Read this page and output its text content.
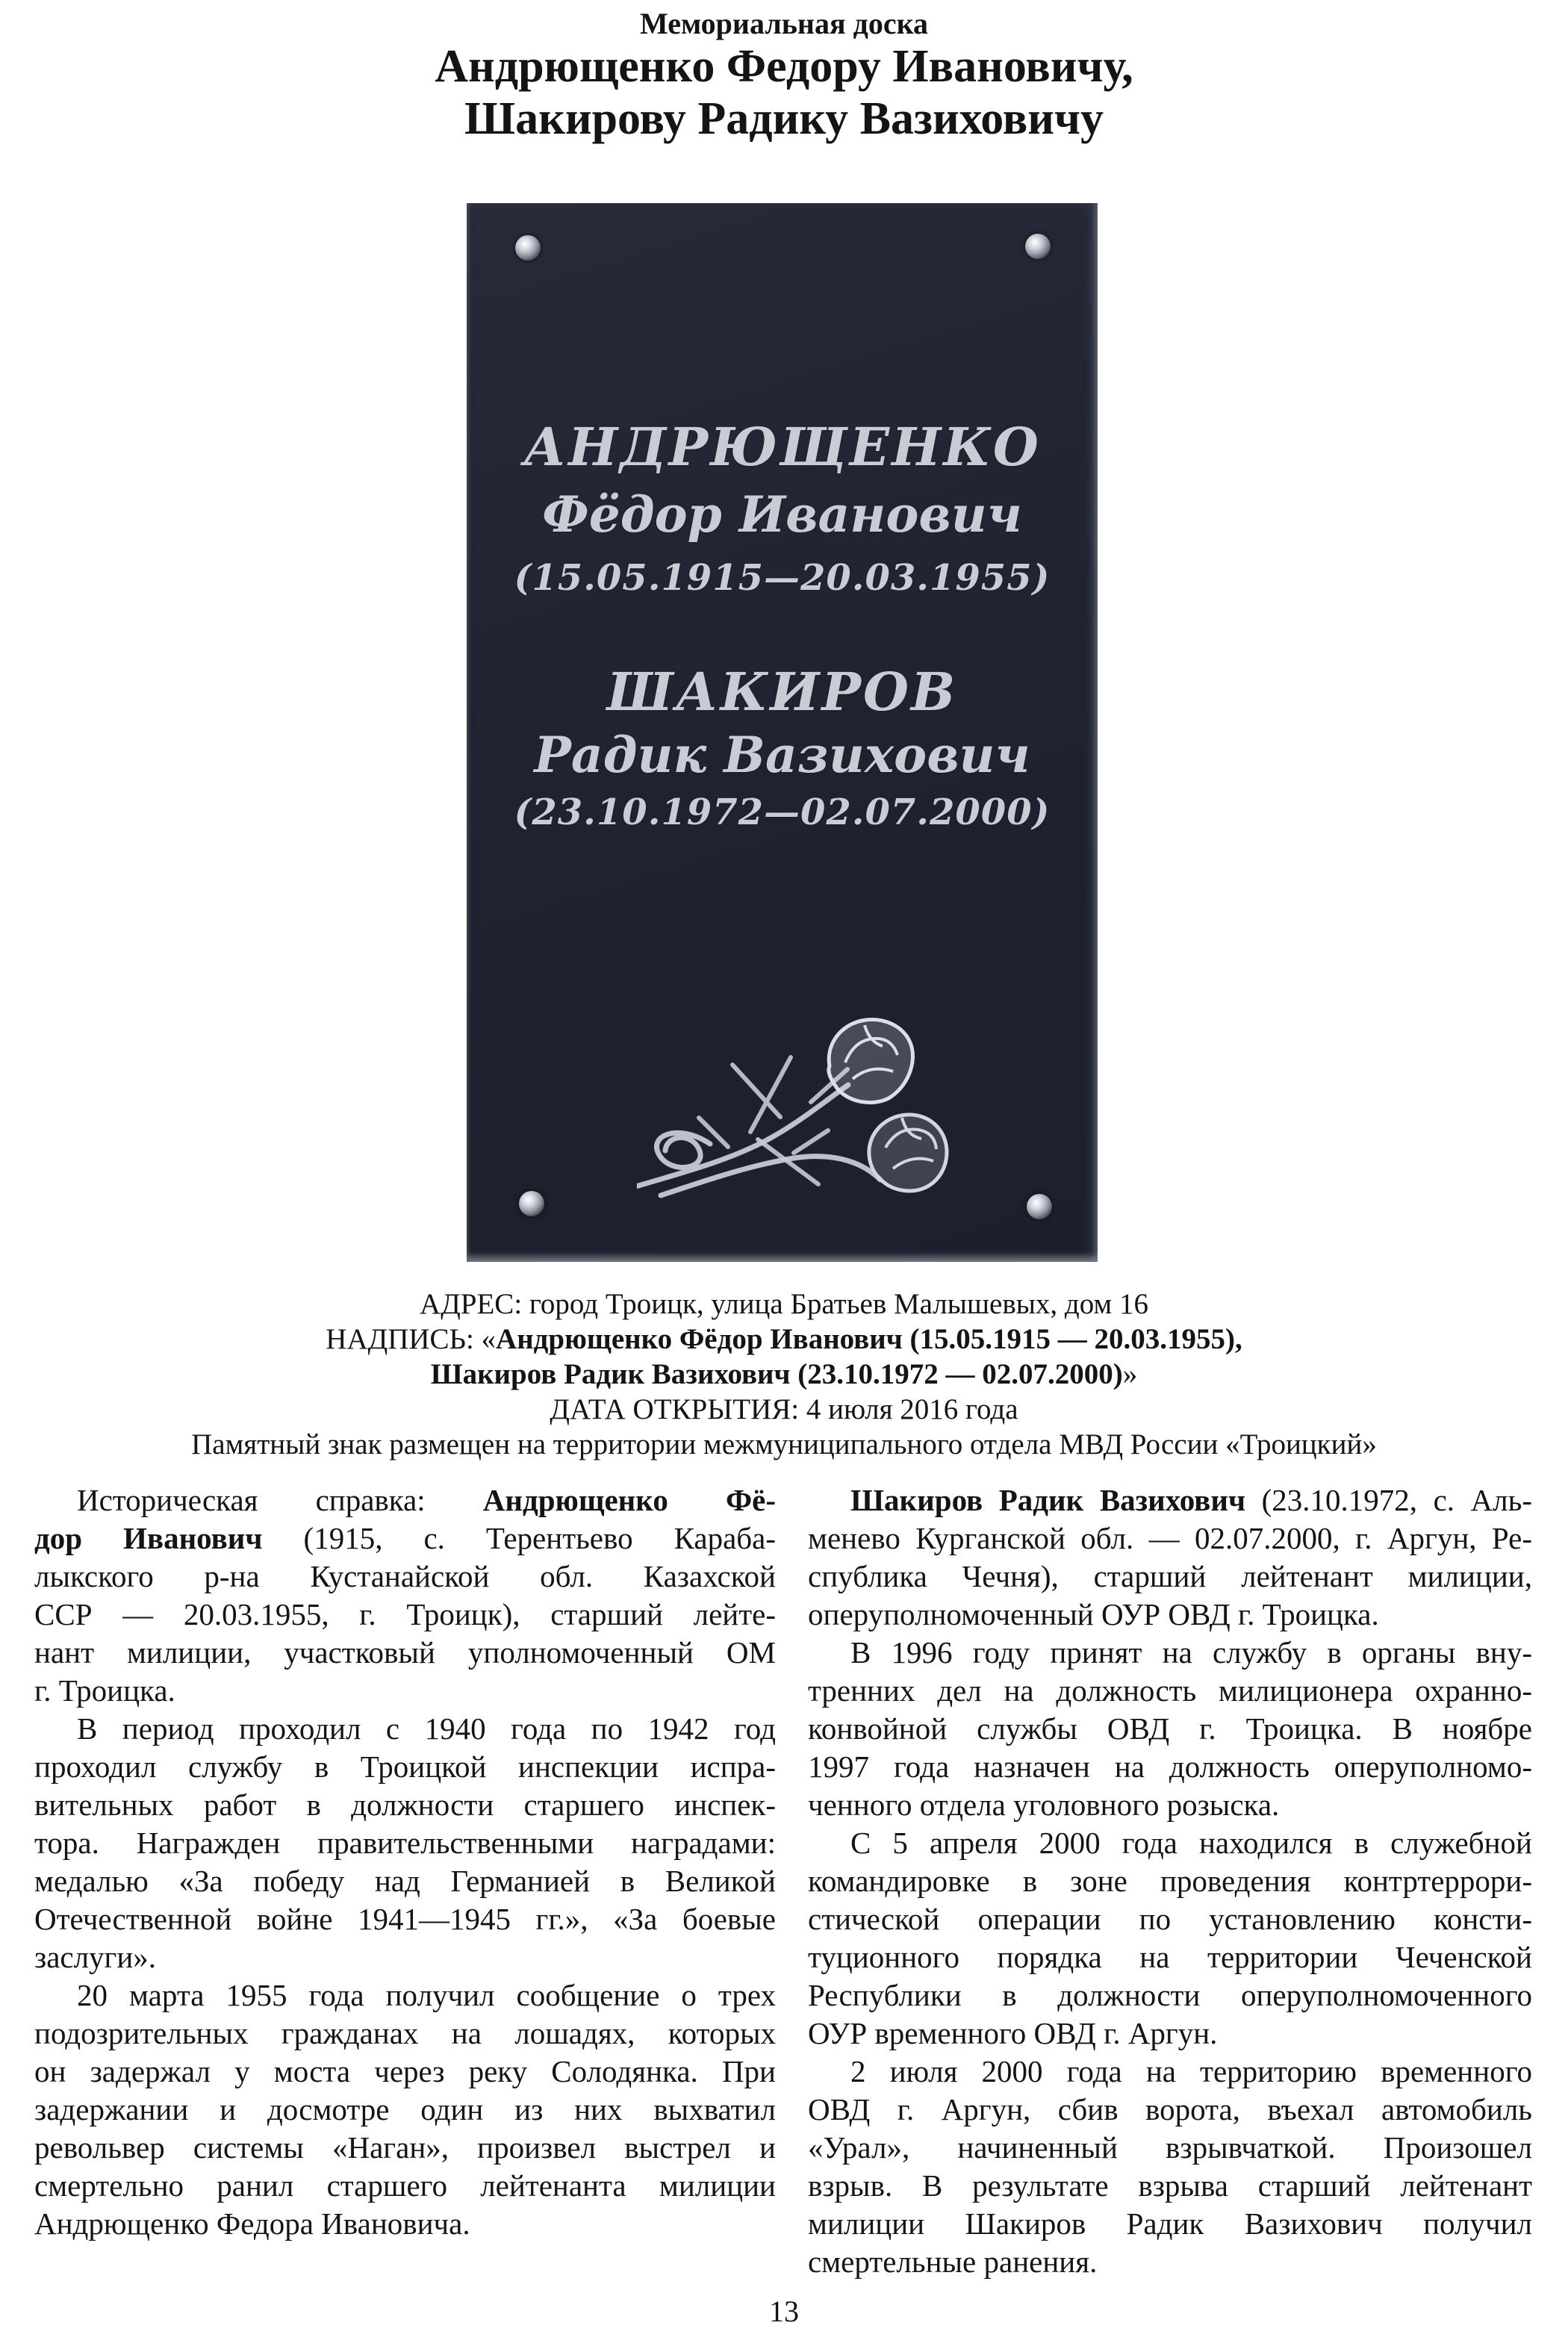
Мемориальная доска
Андрющенко Федору Ивановичу,
Шакирову Радику Вазиховичу
АНДРЮЩЕНКО
Фёдор Иванович
(15.05.1915—20.03.1955)
ШАКИРОВ
Радик Вазихович
(23.10.1972—02.07.2000)
АДРЕС: город Троицк, улица Братьев Малышевых, дом 16
НАДПИСЬ: «Андрющенко Фёдор Иванович (15.05.1915 — 20.03.1955),
Шакиров Радик Вазихович (23.10.1972 — 02.07.2000)»
ДАТА ОТКРЫТИЯ: 4 июля 2016 года
Памятный знак размещен на территории межмуниципального отдела МВД России «Троицкий»
Историческая справка: Андрющенко Фё-
дор Иванович (1915, с. Терентьево Караба-
лыкского р-на Кустанайской обл. Казахской
ССР — 20.03.1955, г. Троицк), старший лейте-
нант милиции, участковый уполномоченный ОМ
г. Троицка.
В период проходил с 1940 года по 1942 год
проходил службу в Троицкой инспекции испра-
вительных работ в должности старшего инспек-
тора. Награжден правительственными наградами:
медалью «За победу над Германией в Великой
Отечественной войне 1941—1945 гг.», «За боевые
заслуги».
20 марта 1955 года получил сообщение о трех
подозрительных гражданах на лошадях, которых
он задержал у моста через реку Солодянка. При
задержании и досмотре один из них выхватил
револьвер системы «Наган», произвел выстрел и
смертельно ранил старшего лейтенанта милиции
Андрющенко Федора Ивановича.
Шакиров Радик Вазихович (23.10.1972, с. Аль-
менево Курганской обл. — 02.07.2000, г. Аргун, Ре-
спублика Чечня), старший лейтенант милиции,
оперуполномоченный ОУР ОВД г. Троицка.
В 1996 году принят на службу в органы вну-
тренних дел на должность милиционера охранно-
конвойной службы ОВД г. Троицка. В ноябре
1997 года назначен на должность оперуполномо-
ченного отдела уголовного розыска.
С 5 апреля 2000 года находился в служебной
командировке в зоне проведения контртеррори-
стической операции по установлению консти-
туционного порядка на территории Чеченской
Республики в должности оперуполномоченного
ОУР временного ОВД г. Аргун.
2 июля 2000 года на территорию временного
ОВД г. Аргун, сбив ворота, въехал автомобиль
«Урал», начиненный взрывчаткой. Произошел
взрыв. В результате взрыва старший лейтенант
милиции Шакиров Радик Вазихович получил
смертельные ранения.
13
